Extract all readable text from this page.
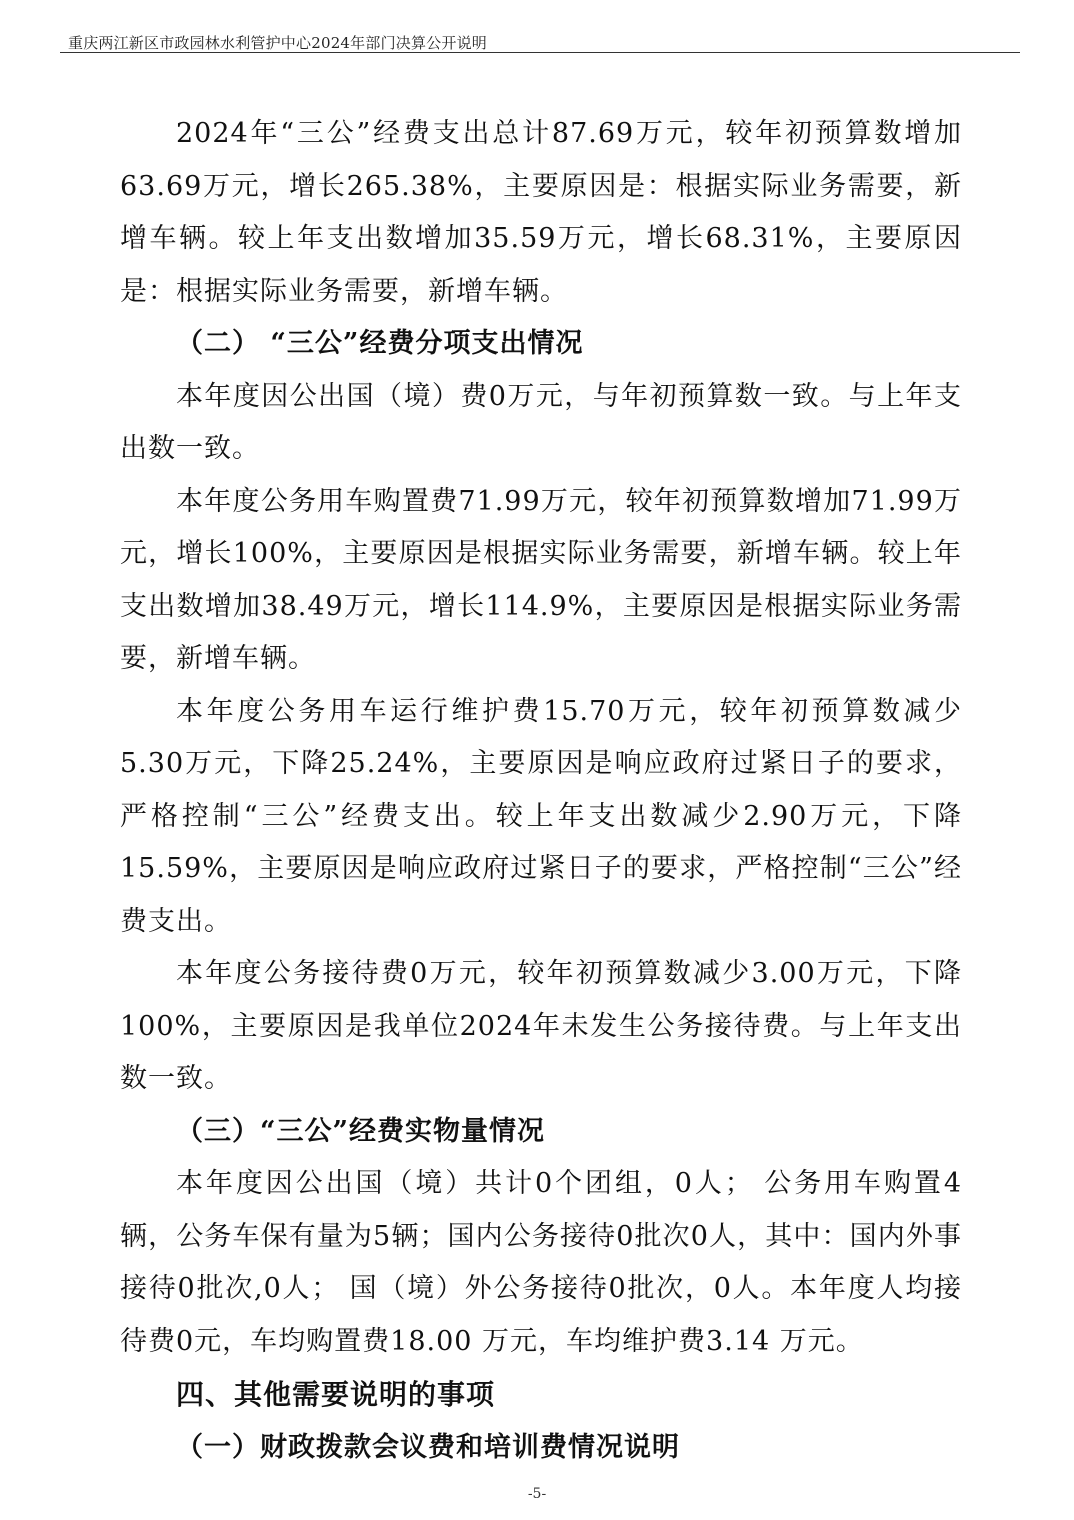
重庆两江新区市政园林水利管护中心2024年部门决算公开说明

2024年“三公”经费支出总计87.69万元，较年初预算数增加63.69万元，增长265.38%，主要原因是：根据实际业务需要，新增车辆。较上年支出数增加35.59万元，增长68.31%，主要原因是：根据实际业务需要，新增车辆。

（二） “三公”经费分项支出情况

本年度因公出国（境）费0万元，与年初预算数一致。与上年支出数一致。

本年度公务用车购置费71.99万元，较年初预算数增加71.99万元，增长100%，主要原因是根据实际业务需要，新增车辆。较上年支出数增加38.49万元，增长114.9%，主要原因是根据实际业务需要，新增车辆。

本年度公务用车运行维护费15.70万元，较年初预算数减少5.30万元，下降25.24%，主要原因是响应政府过紧日子的要求，严格控制“三公”经费支出。较上年支出数减少2.90万元，下降15.59%，主要原因是响应政府过紧日子的要求，严格控制“三公”经费支出。

本年度公务接待费0万元，较年初预算数减少3.00万元，下降100%，主要原因是我单位2024年未发生公务接待费。与上年支出数一致。

（三）“三公”经费实物量情况

本年度因公出国（境）共计0个团组，0人； 公务用车购置4辆，公务车保有量为5辆；国内公务接待0批次0人，其中：国内外事接待0批次,0人； 国（境）外公务接待0批次，0人。本年度人均接待费0元，车均购置费18.00 万元，车均维护费3.14 万元。

四、其他需要说明的事项

（一）财政拨款会议费和培训费情况说明

-5-
